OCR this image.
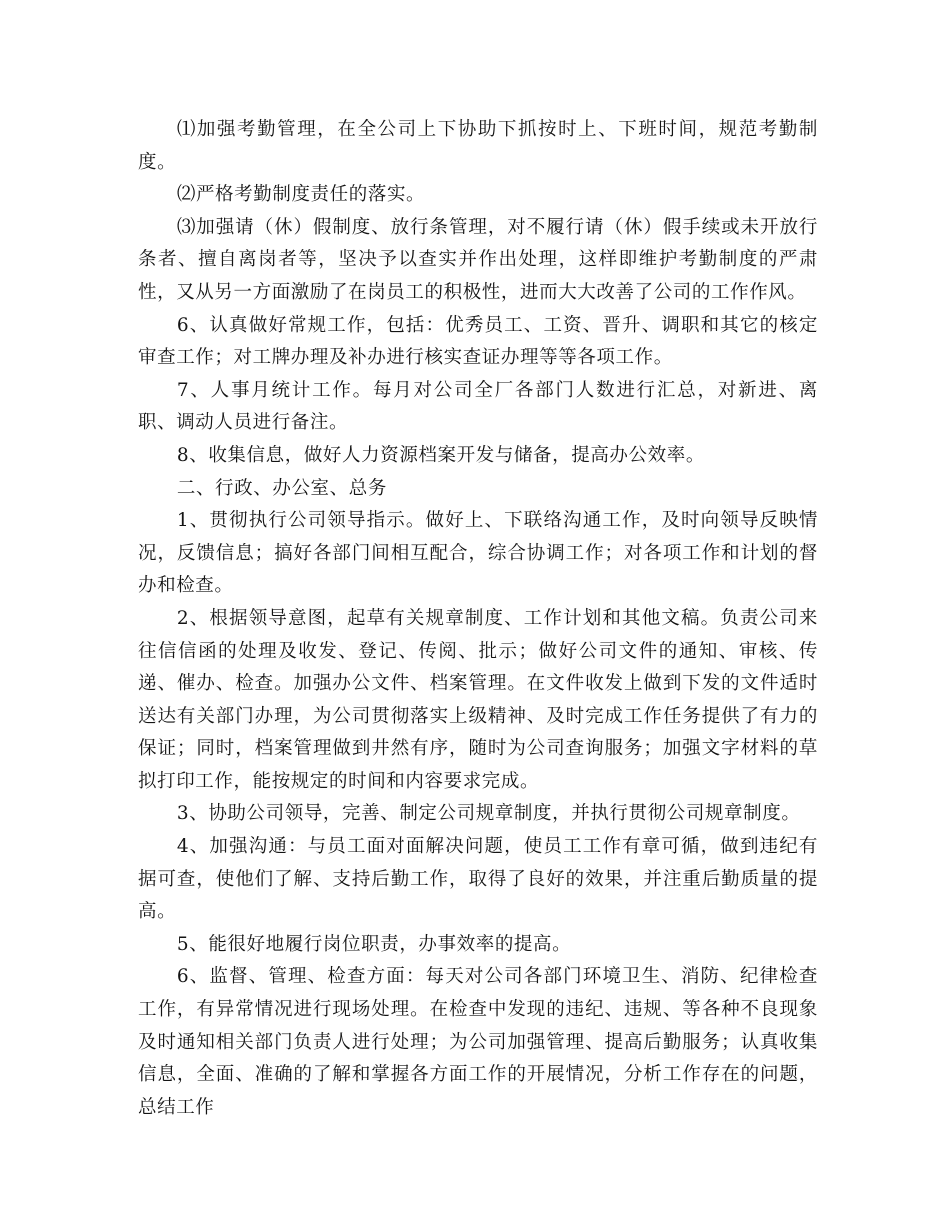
⑴加强考勤管理，在全公司上下协助下抓按时上、下班时间，规范考勤制度。

⑵严格考勤制度责任的落实。

⑶加强请（休）假制度、放行条管理，对不履行请（休）假手续或未开放行条者、擅自离岗者等，坚决予以查实并作出处理，这样即维护考勤制度的严肃性，又从另一方面激励了在岗员工的积极性，进而大大改善了公司的工作作风。

6、认真做好常规工作，包括：优秀员工、工资、晋升、调职和其它的核定审查工作；对工牌办理及补办进行核实查证办理等等各项工作。

7、人事月统计工作。每月对公司全厂各部门人数进行汇总，对新进、离职、调动人员进行备注。

8、收集信息，做好人力资源档案开发与储备，提高办公效率。

二、行政、办公室、总务

1、贯彻执行公司领导指示。做好上、下联络沟通工作，及时向领导反映情况，反馈信息；搞好各部门间相互配合，综合协调工作；对各项工作和计划的督办和检查。

2、根据领导意图，起草有关规章制度、工作计划和其他文稿。负责公司来往信信函的处理及收发、登记、传阅、批示；做好公司文件的通知、审核、传递、催办、检查。加强办公文件、档案管理。在文件收发上做到下发的文件适时送达有关部门办理，为公司贯彻落实上级精神、及时完成工作任务提供了有力的保证；同时，档案管理做到井然有序，随时为公司查询服务；加强文字材料的草拟打印工作，能按规定的时间和内容要求完成。

3、协助公司领导，完善、制定公司规章制度，并执行贯彻公司规章制度。

4、加强沟通：与员工面对面解决问题，使员工工作有章可循，做到违纪有据可查，使他们了解、支持后勤工作，取得了良好的效果，并注重后勤质量的提高。

5、能很好地履行岗位职责，办事效率的提高。

6、监督、管理、检查方面：每天对公司各部门环境卫生、消防、纪律检查工作，有异常情况进行现场处理。在检查中发现的违纪、违规、等各种不良现象及时通知相关部门负责人进行处理；为公司加强管理、提高后勤服务；认真收集信息，全面、准确的了解和掌握各方面工作的开展情况，分析工作存在的问题，总结工作
